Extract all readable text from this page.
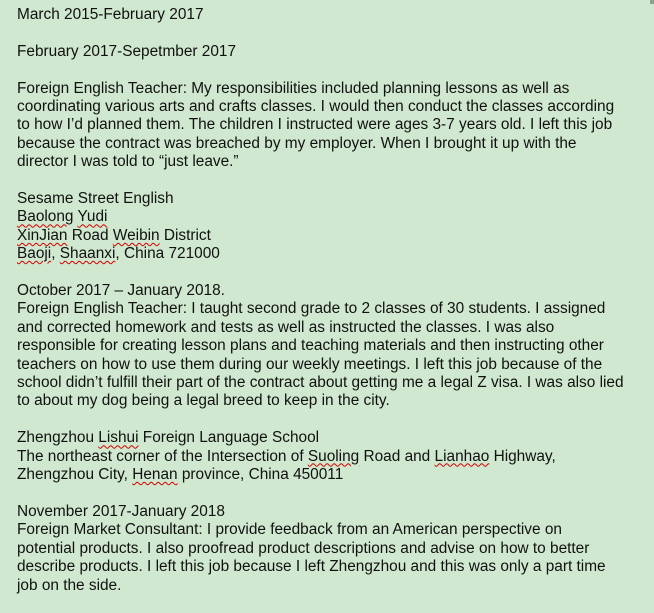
March 2015-February 2017
February 2017-Sepetmber 2017
Foreign English Teacher: My responsibilities included planning lessons as well as
coordinating various arts and crafts classes. I would then conduct the classes according
to how I’d planned them. The children I instructed were ages 3-7 years old. I left this job
because the contract was breached by my employer. When I brought it up with the
director I was told to “just leave.”
Sesame Street English
Baolong Yudi
XinJian Road Weibin District
Baoji, Shaanxi, China 721000
October 2017 – January 2018.
Foreign English Teacher: I taught second grade to 2 classes of 30 students. I assigned
and corrected homework and tests as well as instructed the classes. I was also
responsible for creating lesson plans and teaching materials and then instructing other
teachers on how to use them during our weekly meetings. I left this job because of the
school didn’t fulfill their part of the contract about getting me a legal Z visa. I was also lied
to about my dog being a legal breed to keep in the city.
Zhengzhou Lishui Foreign Language School
The northeast corner of the Intersection of Suoling Road and Lianhao Highway,
Zhengzhou City, Henan province, China 450011
November 2017-January 2018
Foreign Market Consultant: I provide feedback from an American perspective on
potential products. I also proofread product descriptions and advise on how to better
describe products. I left this job because I left Zhengzhou and this was only a part time
job on the side.
